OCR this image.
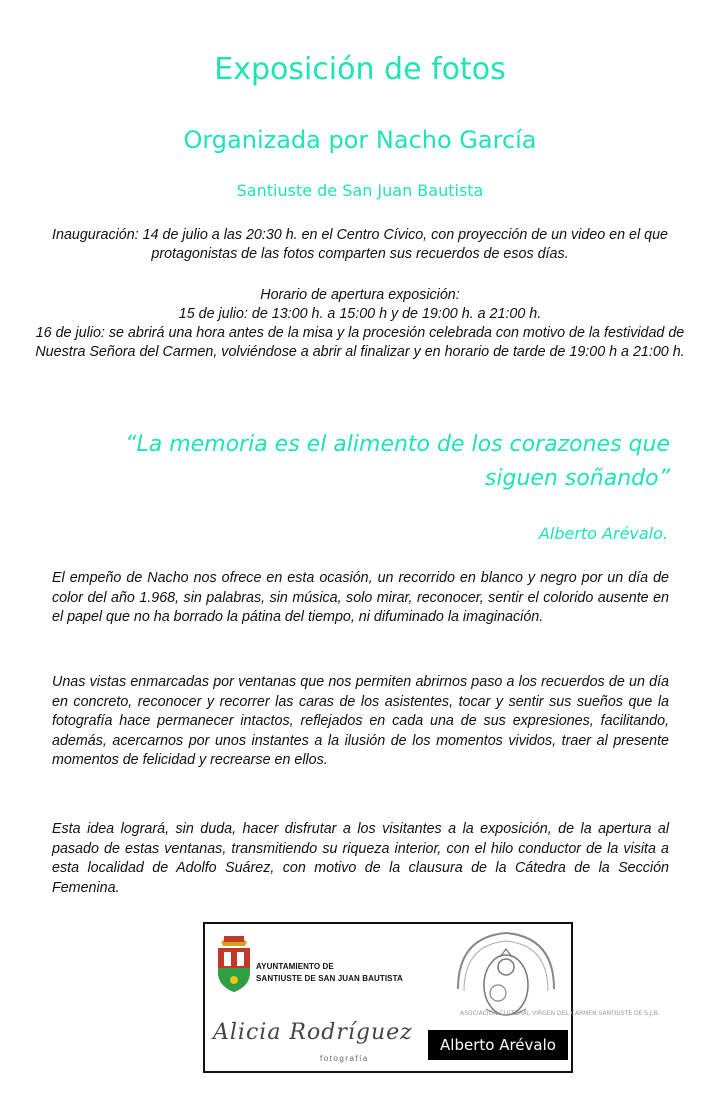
Exposición de fotos
Organizada por Nacho García
Santiuste de San Juan Bautista
Inauguración: 14 de julio a las 20:30 h. en el Centro Cívico, con proyección de un video en el que protagonistas de las fotos comparten sus recuerdos de esos días.
Horario de apertura exposición:
15 de julio: de 13:00 h. a 15:00 h y de 19:00 h. a 21:00 h.
16 de julio: se abrirá una hora antes de la misa y la procesión celebrada con motivo de la festividad de Nuestra Señora del Carmen, volviéndose a abrir al finalizar y en horario de tarde de 19:00 h a 21:00 h.

“La memoria es el alimento de los corazones que siguen soñando”

Alberto Arévalo.

El empeño de Nacho nos ofrece en esta ocasión, un recorrido en blanco y negro por un día de color del año 1.968, sin palabras, sin música, solo mirar, reconocer, sentir el colorido ausente en el papel que no ha borrado la pátina del tiempo, ni difuminado la imaginación.

Unas vistas enmarcadas por ventanas que nos permiten abrirnos paso a los recuerdos de un día en concreto, reconocer y recorrer las caras de los asistentes, tocar y sentir sus sueños que la fotografía hace permanecer intactos, reflejados en cada una de sus expresiones, facilitando, además, acercarnos por unos instantes a la ilusión de los momentos vividos, traer al presente momentos de felicidad y recrearse en ellos.

Esta idea logrará, sin duda, hacer disfrutar a los visitantes a la exposición, de la apertura al pasado de estas ventanas, transmitiendo su riqueza interior, con el hilo conductor de la visita a esta localidad de Adolfo Suárez, con motivo de la clausura de la Cátedra de la Sección Femenina.

AYUNTAMIENTO DE
SANTIUSTE DE SAN JUAN BAUTISTA
ASOCIACIÓN CULTURAL VIRGEN DEL CARMEN SANTIUSTE DE S.J.B.
Alicia Rodríguez
fotografía
Alberto Arévalo
